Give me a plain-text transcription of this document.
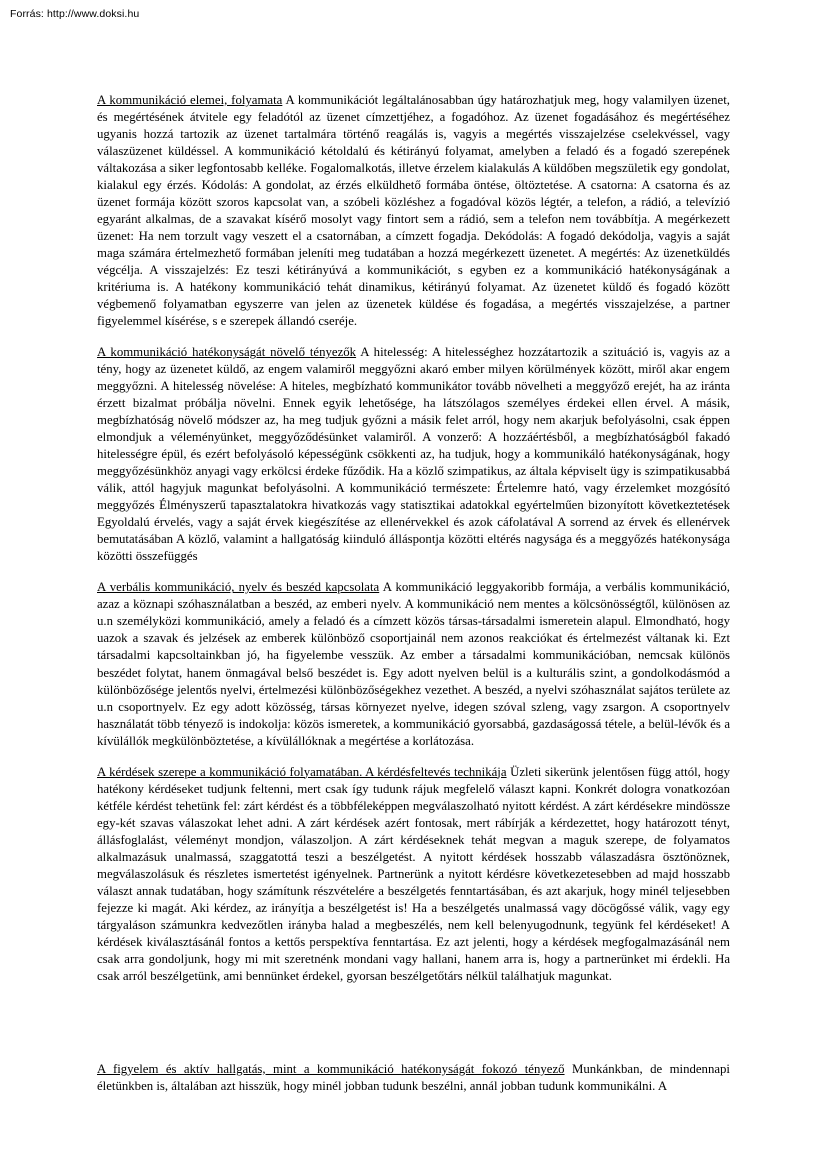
Forrás: http://www.doksi.hu

A kommunikáció elemei, folyamata A kommunikációt legáltalánosabban úgy határozhatjuk meg, hogy valamilyen üzenet, és megértésének átvitele egy feladótól az üzenet címzettjéhez, a fogadóhoz. Az üzenet fogadásához és megértéséhez ugyanis hozzá tartozik az üzenet tartalmára történő reagálás is, vagyis a megértés visszajelzése cselekvéssel, vagy válaszüzenet küldéssel. A kommunikáció kétoldalú és kétirányú folyamat, amelyben a feladó és a fogadó szerepének váltakozása a siker legfontosabb kelléke. Fogalomalkotás, illetve érzelem kialakulás A küldőben megszületik egy gondolat, kialakul egy érzés. Kódolás: A gondolat, az érzés elküldhető formába öntése, öltöztetése. A csatorna: A csatorna és az üzenet formája között szoros kapcsolat van, a szóbeli közléshez a fogadóval közös légtér, a telefon, a rádió, a televízió egyaránt alkalmas, de a szavakat kísérő mosolyt vagy fintort sem a rádió, sem a telefon nem továbbítja. A megérkezett üzenet: Ha nem torzult vagy veszett el a csatornában, a címzett fogadja. Dekódolás: A fogadó dekódolja, vagyis a saját maga számára értelmezhető formában jeleníti meg tudatában a hozzá megérkezett üzenetet. A megértés: Az üzenetküldés végcélja. A visszajelzés: Ez teszi kétirányúvá a kommunikációt, s egyben ez a kommunikáció hatékonyságának a kritériuma is. A hatékony kommunikáció tehát dinamikus, kétirányú folyamat. Az üzenetet küldő és fogadó között végbemenő folyamatban egyszerre van jelen az üzenetek küldése és fogadása, a megértés visszajelzése, a partner figyelemmel kísérése, s e szerepek állandó cseréje.

A kommunikáció hatékonyságát növelő tényezők A hitelesség: A hitelességhez hozzátartozik a szituáció is, vagyis az a tény, hogy az üzenetet küldő, az engem valamiről meggyőzni akaró ember milyen körülmények között, miről akar engem meggyőzni. A hitelesség növelése: A hiteles, megbízható kommunikátor tovább növelheti a meggyőző erejét, ha az iránta érzett bizalmat próbálja növelni. Ennek egyik lehetősége, ha látszólagos személyes érdekei ellen érvel. A másik, megbízhatóság növelő módszer az, ha meg tudjuk győzni a másik felet arról, hogy nem akarjuk befolyásolni, csak éppen elmondjuk a véleményünket, meggyőződésünket valamiről. A vonzerő: A hozzáértésből, a megbízhatóságból fakadó hitelességre épül, és ezért befolyásoló képességünk csökkenti az, ha tudjuk, hogy a kommunikáló hatékonyságának, hogy meggyőzésünkhöz anyagi vagy erkölcsi érdeke fűződik. Ha a közlő szimpatikus, az általa képviselt ügy is szimpatikusabbá válik, attól hagyjuk magunkat befolyásolni. A kommunikáció természete: Értelemre ható, vagy érzelemket mozgósító meggyőzés Élményszerű tapasztalatokra hivatkozás vagy statisztikai adatokkal egyértelműen bizonyított következtetések Egyoldalú érvelés, vagy a saját érvek kiegészítése az ellenérvekkel és azok cáfolatával A sorrend az érvek és ellenérvek bemutatásában A közlő, valamint a hallgatóság kiinduló álláspontja közötti eltérés nagysága és a meggyőzés hatékonysága közötti összefüggés

A verbális kommunikáció, nyelv és beszéd kapcsolata A kommunikáció leggyakoribb formája, a verbális kommunikáció, azaz a köznapi szóhasználatban a beszéd, az emberi nyelv. A kommunikáció nem mentes a kölcsönösségtől, különösen az u.n személyközi kommunikáció, amely a feladó és a címzett közös társas-társadalmi ismeretein alapul. Elmondható, hogy uazok a szavak és jelzések az emberek különböző csoportjainál nem azonos reakciókat és értelmezést váltanak ki. Ezt társadalmi kapcsoltainkban jó, ha figyelembe vesszük. Az ember a társadalmi kommunikációban, nemcsak különös beszédet folytat, hanem önmagával belső beszédet is. Egy adott nyelven belül is a kulturális szint, a gondolkodásmód a különbözősége jelentős nyelvi, értelmezési különbözőségekhez vezethet. A beszéd, a nyelvi szóhasználat sajátos területe az u.n csoportnyelv. Ez egy adott közösség, társas környezet nyelve, idegen szóval szleng, vagy zsargon. A csoportnyelv használatát több tényező is indokolja: közös ismeretek, a kommunikáció gyorsabbá, gazdaságossá tétele, a belül-lévők és a kívülállók megkülönböztetése, a kívülállóknak a megértése a korlátozása.

A kérdések szerepe a kommunikáció folyamatában. A kérdésfeltevés technikája Üzleti sikerünk jelentősen függ attól, hogy hatékony kérdéseket tudjunk feltenni, mert csak így tudunk rájuk megfelelő választ kapni. Konkrét dologra vonatkozóan kétféle kérdést tehetünk fel: zárt kérdést és a többféleképpen megválaszolható nyitott kérdést. A zárt kérdésekre mindössze egy-két szavas válaszokat lehet adni. A zárt kérdések azért fontosak, mert rábírják a kérdezettet, hogy határozott tényt, állásfoglalást, véleményt mondjon, válaszoljon. A zárt kérdéseknek tehát megvan a maguk szerepe, de folyamatos alkalmazásuk unalmassá, szaggatottá teszi a beszélgetést. A nyitott kérdések hosszabb válaszadásra ösztönöznek, megválaszolásuk és részletes ismertetést igényelnek. Partnerünk a nyitott kérdésre következetesebben ad majd hosszabb választ annak tudatában, hogy számítunk részvételére a beszélgetés fenntartásában, és azt akarjuk, hogy minél teljesebben fejezze ki magát. Aki kérdez, az irányítja a beszélgetést is! Ha a beszélgetés unalmassá vagy döcögőssé válik, vagy egy tárgyaláson számunkra kedvezőtlen irányba halad a megbeszélés, nem kell belenyugodnunk, tegyünk fel kérdéseket! A kérdések kiválasztásánál fontos a kettős perspektíva fenntartása. Ez azt jelenti, hogy a kérdések megfogalmazásánál nem csak arra gondoljunk, hogy mi mit szeretnénk mondani vagy hallani, hanem arra is, hogy a partnerünket mi érdekli. Ha csak arról beszélgetünk, ami bennünket érdekel, gyorsan beszélgetőtárs nélkül találhatjuk magunkat.

A figyelem és aktív hallgatás, mint a kommunikáció hatékonyságát fokozó tényező Munkánkban, de mindennapi életünkben is, általában azt hisszük, hogy minél jobban tudunk beszélni, annál jobban tudunk kommunikálni. A
